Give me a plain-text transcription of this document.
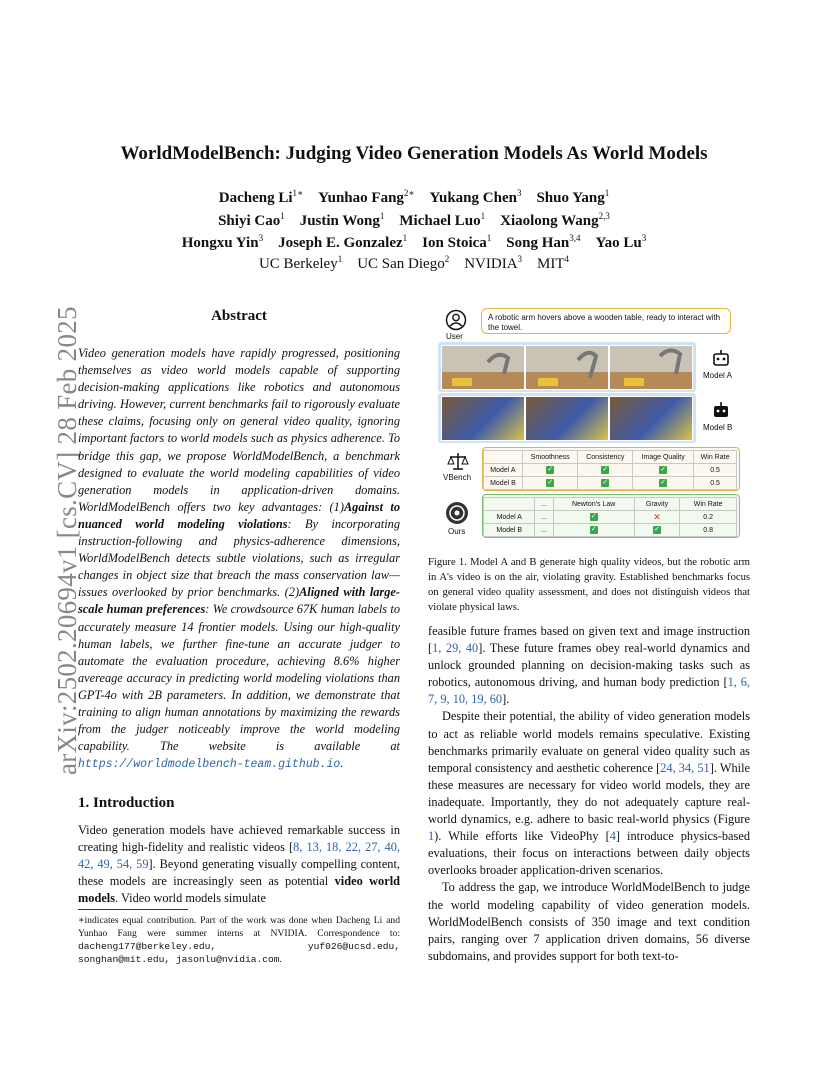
arXiv:2502.20694v1 [cs.CV] 28 Feb 2025
WorldModelBench: Judging Video Generation Models As World Models
Dacheng $Li^{1∗}$  Yunhao Fang$^{2∗}$  Yukang Chen$^3$  Shuo Yang$^1$
Shiyi Cao$^1$  Justin Wong$^1$  Michael Luo$^1$  Xiaolong Wang$^{2,3}$
Hongxu Yin$^3$  Joseph E. Gonzalez$^1$  Ion Stoica$^1$  Song Han$^{3,4}$  Yao Lu$^3$
UC Berkeley$^1$   UC San Diego$^2$   NVIDIA$^3$   MIT$^4$
Abstract

Video generation models have rapidly progressed, positioning themselves as video world models capable of supporting decision-making applications like robotics and autonomous driving. However, current benchmarks fail to rigorously evaluate these claims, focusing only on general video quality, ignoring important factors to world models such as physics adherence. To bridge this gap, we propose WorldModelBench, a benchmark designed to evaluate the world modeling capabilities of video generation models in application-driven domains. WorldModelBench offers two key advantages: (1)Against to nuanced world modeling violations: By incorporating instruction-following and physics-adherence dimensions, WorldModelBench detects subtle violations, such as irregular changes in object size that breach the mass conservation law—issues overlooked by prior benchmarks. (2)Aligned with large-scale human preferences: We crowdsource 67K human labels to accurately measure 14 frontier models. Using our high-quality human labels, we further fine-tune an accurate judger to automate the evaluation procedure, achieving 8.6% higher avereage accuracy in predicting world modeling violations than GPT-4o with 2B parameters. In addition, we demonstrate that training to align human annotations by maximizing the rewards from the judger noticeably improve the world modeling capability. The website is available at https://worldmodelbench-team.github.io.

1. Introduction

Video generation models have achieved remarkable success in creating high-fidelity and realistic videos [8, 13, 18, 22, 27, 40, 42, 49, 54, 59]. Beyond generating visually compelling content, these models are increasingly seen as potential video world models. Video world models simulate

∗indicates equal contribution. Part of the work was done when Dacheng Li and Yunhao Fang were summer interns at NVIDIA. Correspondence to: dacheng177@berkeley.edu, yuf026@ucsd.edu, songhan@mit.edu, jasonlu@nvidia.com.
User
A robotic arm hovers above a wooden table, ready to interact with the towel.
Model A
Model B
VBench
	Smoothness	Consistency	Image Quality	Win Rate
Model A	✓	✓	✓	0.5
Model B	✓	✓	✓	0.5
Ours
	...	Newton's Law	Gravity	Win Rate
Model A	...	✓	✕	0.2
Model B	...	✓	✓	0.8
Figure 1. Model A and B generate high quality videos, but the robotic arm in A's video is on the air, violating gravity. Established benchmarks focus on general video quality assessment, and does not distinguish videos that violate physical laws.

feasible future frames based on given text and image instruction [1, 29, 40]. These future frames obey real-world dynamics and unlock grounded planning on decision-making tasks such as robotics, autonomous driving, and human body prediction [1, 6, 7, 9, 10, 19, 60].

Despite their potential, the ability of video generation models to act as reliable world models remains speculative. Existing benchmarks primarily evaluate on general video quality such as temporal consistency and aesthetic coherence [24, 34, 51]. While these measures are necessary for video world models, they are inadequate. Importantly, they do not adequately capture real-world dynamics, e.g. adhere to basic real-world physics (Figure 1). While efforts like VideoPhy [4] introduce physics-based evaluations, their focus on interactions between daily objects overlooks broader application-driven scenarios.

To address the gap, we introduce WorldModelBench to judge the world modeling capability of video generation models. WorldModelBench consists of 350 image and text condition pairs, ranging over 7 application driven domains, 56 diverse subdomains, and provides support for both text-to-
